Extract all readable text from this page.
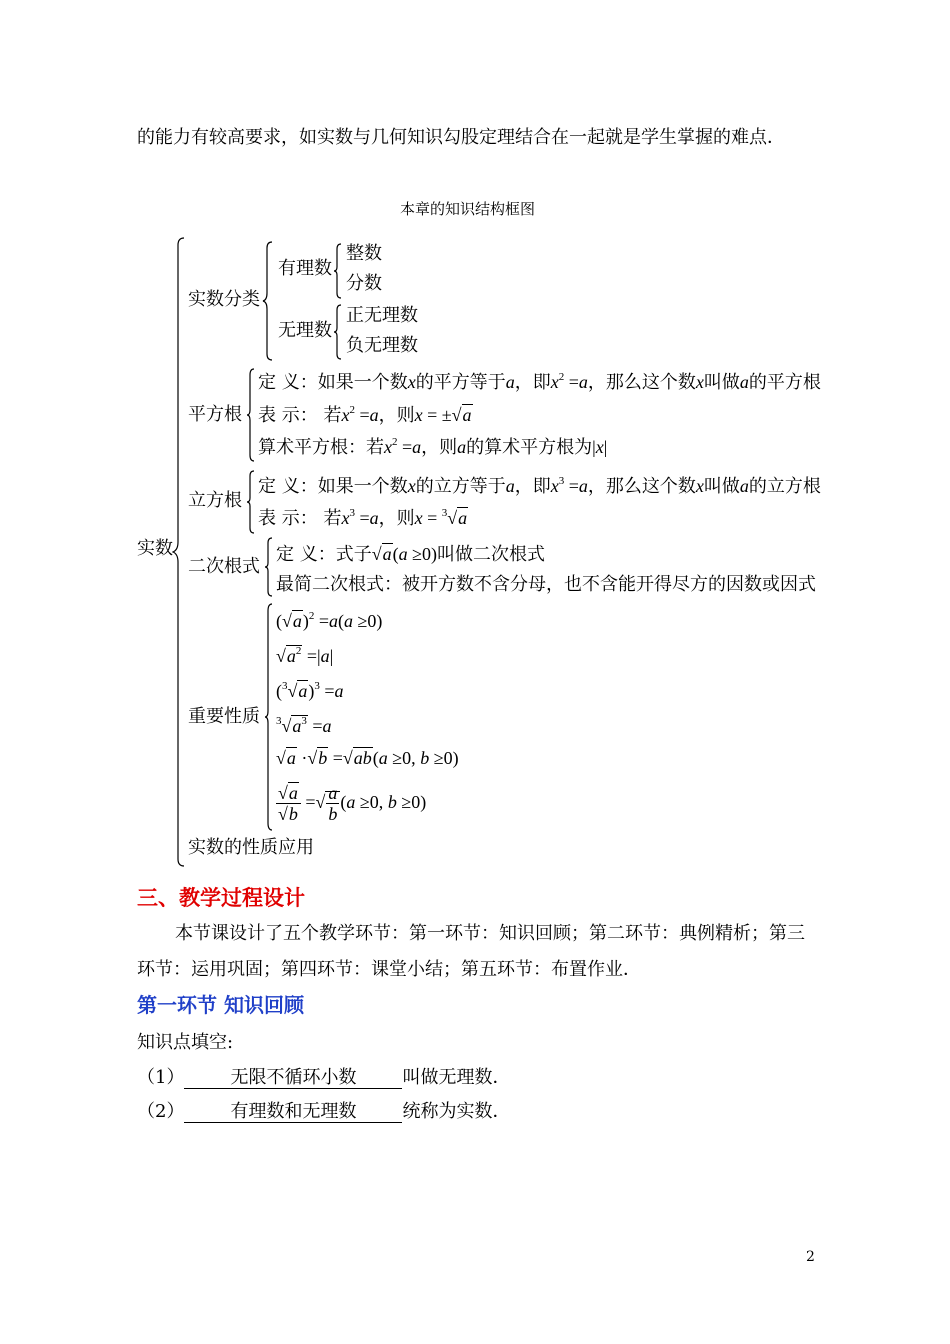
的能力有较高要求，如实数与几何知识勾股定理结合在一起就是学生掌握的难点．
本章的知识结构框图
实数
实数分类
有理数
整数
分数
无理数
正无理数
负无理数
平方根
定 义：如果一个数x的平方等于a，即$x^2 =a$，那么这个数x叫做a的平方根
表 示： 若$x^2 =a$，则x = ±√a
算术平方根：若$x^2 =a$，则a的算术平方根为|x|
立方根
定 义：如果一个数x的立方等于a，即$x^3 =a$，那么这个数x叫做a的立方根
表 示： 若$x^3 =a$，则x = $^3$√a
二次根式
定 义：式子√a(a ≥0)叫做二次根式
最简二次根式：被开方数不含分母，也不含能开得尽方的因数或因式
重要性质
$(√a)^2 =a(a \ge 0)$
$√a^2 =|a|$
$(^3√a)^3 =a$
$^3√a^3 =a$
√a ·√b =√ab(a ≥0, b ≥0)
$\frac{√a}{√b}$ =√ $\frac{a}{b} (a \ge 0$, b ≥0)
实数的性质应用
三、教学过程设计
本节课设计了五个教学环节：第一环节：知识回顾；第二环节：典例精析；第三
环节：运用巩固；第四环节：课堂小结；第五环节：布置作业．
第一环节 知识回顾
知识点填空:
（1）	无限不循环小数	叫做无理数．
（2）	有理数和无理数	统称为实数．
2
